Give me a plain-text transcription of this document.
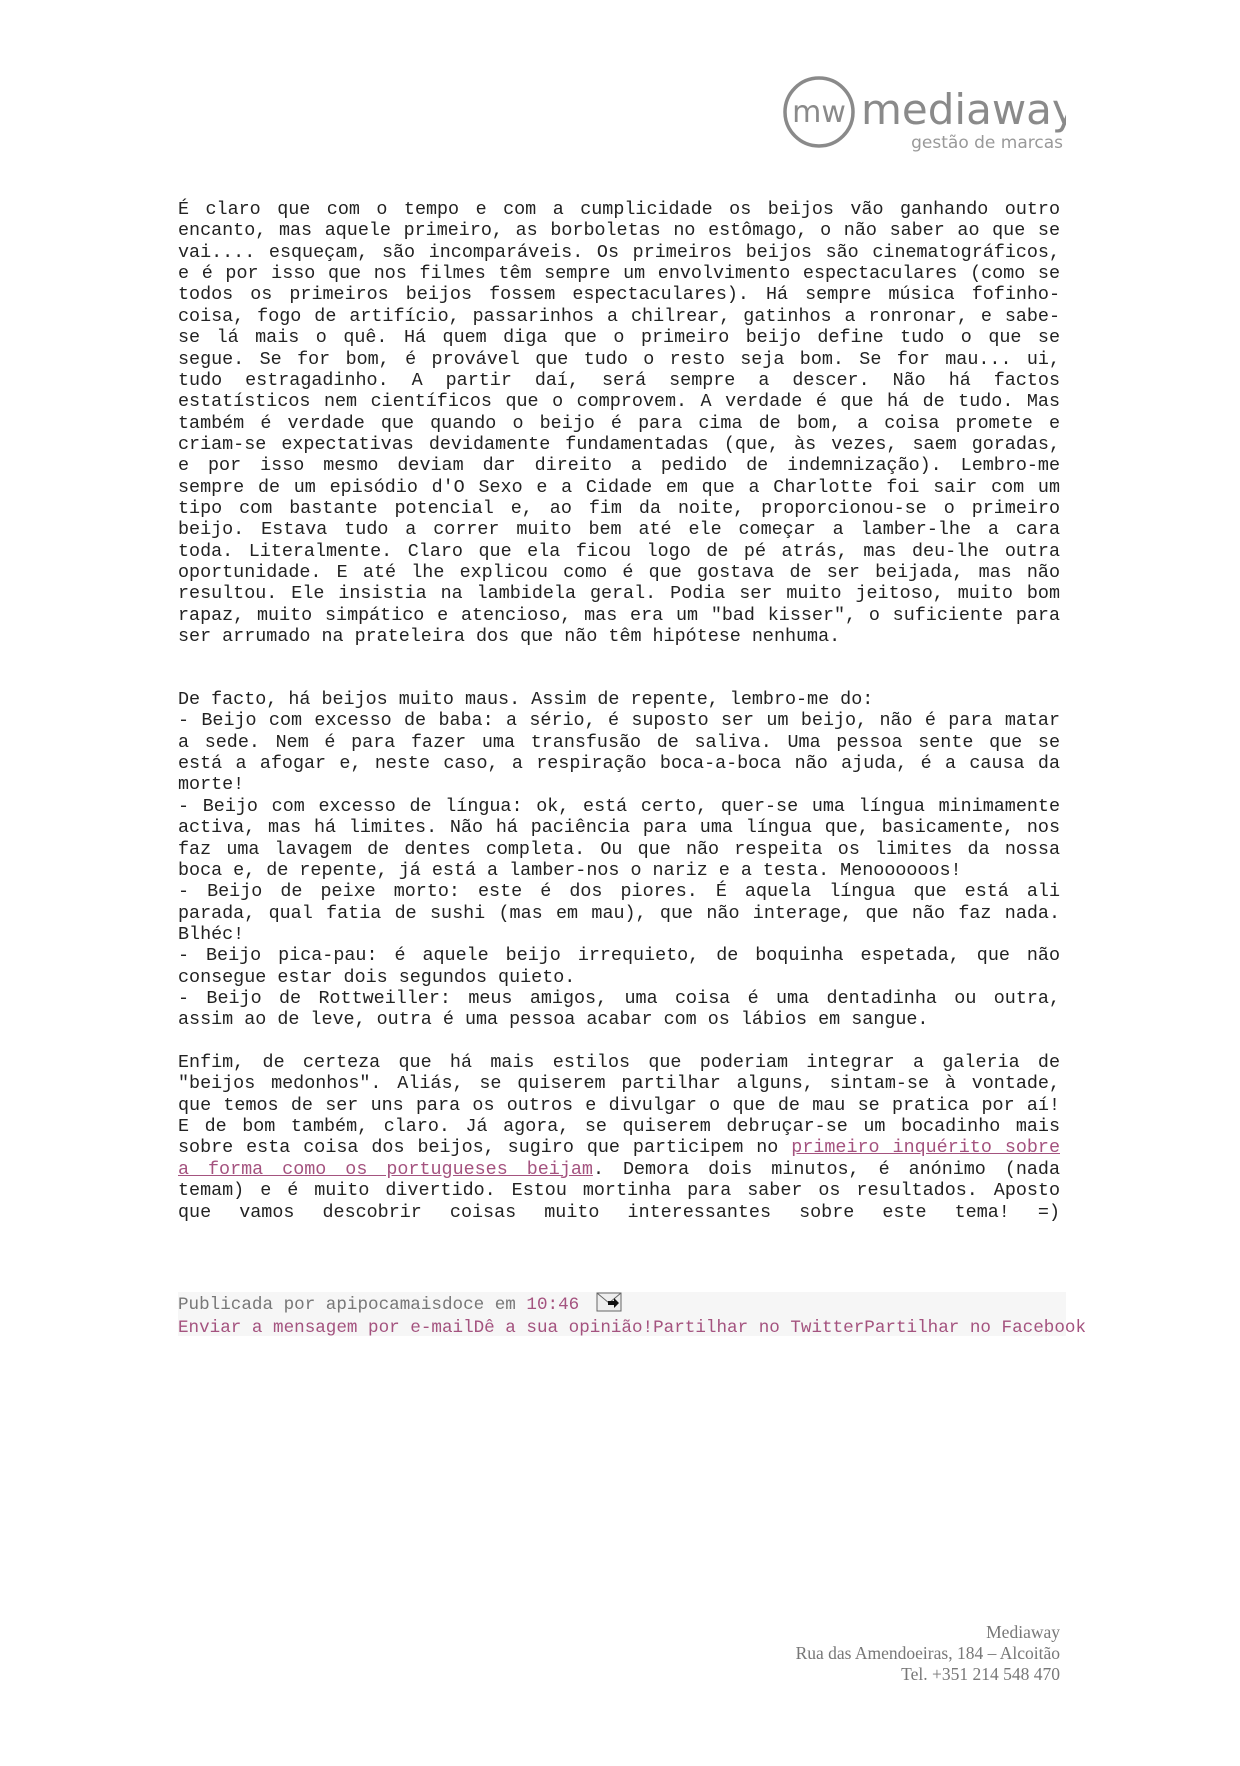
mw mediaway
gestão de marcas
É claro que com o tempo e com a cumplicidade os beijos vão ganhando outro
encanto, mas aquele primeiro, as borboletas no estômago, o não saber ao que se
vai.... esqueçam, são incomparáveis. Os primeiros beijos são cinematográficos,
e é por isso que nos filmes têm sempre um envolvimento espectaculares (como se
todos os primeiros beijos fossem espectaculares). Há sempre música fofinho-
coisa, fogo de artifício, passarinhos a chilrear, gatinhos a ronronar, e sabe-
se lá mais o quê. Há quem diga que o primeiro beijo define tudo o que se
segue. Se for bom, é provável que tudo o resto seja bom. Se for mau... ui,
tudo estragadinho. A partir daí, será sempre a descer. Não há factos
estatísticos nem científicos que o comprovem. A verdade é que há de tudo. Mas
também é verdade que quando o beijo é para cima de bom, a coisa promete e
criam-se expectativas devidamente fundamentadas (que, às vezes, saem goradas,
e por isso mesmo deviam dar direito a pedido de indemnização). Lembro-me
sempre de um episódio d'O Sexo e a Cidade em que a Charlotte foi sair com um
tipo com bastante potencial e, ao fim da noite, proporcionou-se o primeiro
beijo. Estava tudo a correr muito bem até ele começar a lamber-lhe a cara
toda. Literalmente. Claro que ela ficou logo de pé atrás, mas deu-lhe outra
oportunidade. E até lhe explicou como é que gostava de ser beijada, mas não
resultou. Ele insistia na lambidela geral. Podia ser muito jeitoso, muito bom
rapaz, muito simpático e atencioso, mas era um "bad kisser", o suficiente para
ser arrumado na prateleira dos que não têm hipótese nenhuma.
De facto, há beijos muito maus. Assim de repente, lembro-me do:
- Beijo com excesso de baba: a sério, é suposto ser um beijo, não é para matar
a sede. Nem é para fazer uma transfusão de saliva. Uma pessoa sente que se
está a afogar e, neste caso, a respiração boca-a-boca não ajuda, é a causa da
morte!
- Beijo com excesso de língua: ok, está certo, quer-se uma língua minimamente
activa, mas há limites. Não há paciência para uma língua que, basicamente, nos
faz uma lavagem de dentes completa. Ou que não respeita os limites da nossa
boca e, de repente, já está a lamber-nos o nariz e a testa. Menoooooos!
- Beijo de peixe morto: este é dos piores. É aquela língua que está ali
parada, qual fatia de sushi (mas em mau), que não interage, que não faz nada.
Blhéc!
- Beijo pica-pau: é aquele beijo irrequieto, de boquinha espetada, que não
consegue estar dois segundos quieto.
- Beijo de Rottweiller: meus amigos, uma coisa é uma dentadinha ou outra,
assim ao de leve, outra é uma pessoa acabar com os lábios em sangue.
Enfim, de certeza que há mais estilos que poderiam integrar a galeria de
"beijos medonhos". Aliás, se quiserem partilhar alguns, sintam-se à vontade,
que temos de ser uns para os outros e divulgar o que de mau se pratica por aí!
E de bom também, claro. Já agora, se quiserem debruçar-se um bocadinho mais
sobre esta coisa dos beijos, sugiro que participem no primeiro inquérito sobre
a forma como os portugueses beijam. Demora dois minutos, é anónimo (nada
temam) e é muito divertido. Estou mortinha para saber os resultados. Aposto
que vamos descobrir coisas muito interessantes sobre este tema! =)
Publicada por apipocamaisdoce em 10:46
Enviar a mensagem por e-mailDê a sua opinião!Partilhar no TwitterPartilhar no Facebook
Mediaway
Rua das Amendoeiras, 184 – Alcoitão
Tel. +351 214 548 470
